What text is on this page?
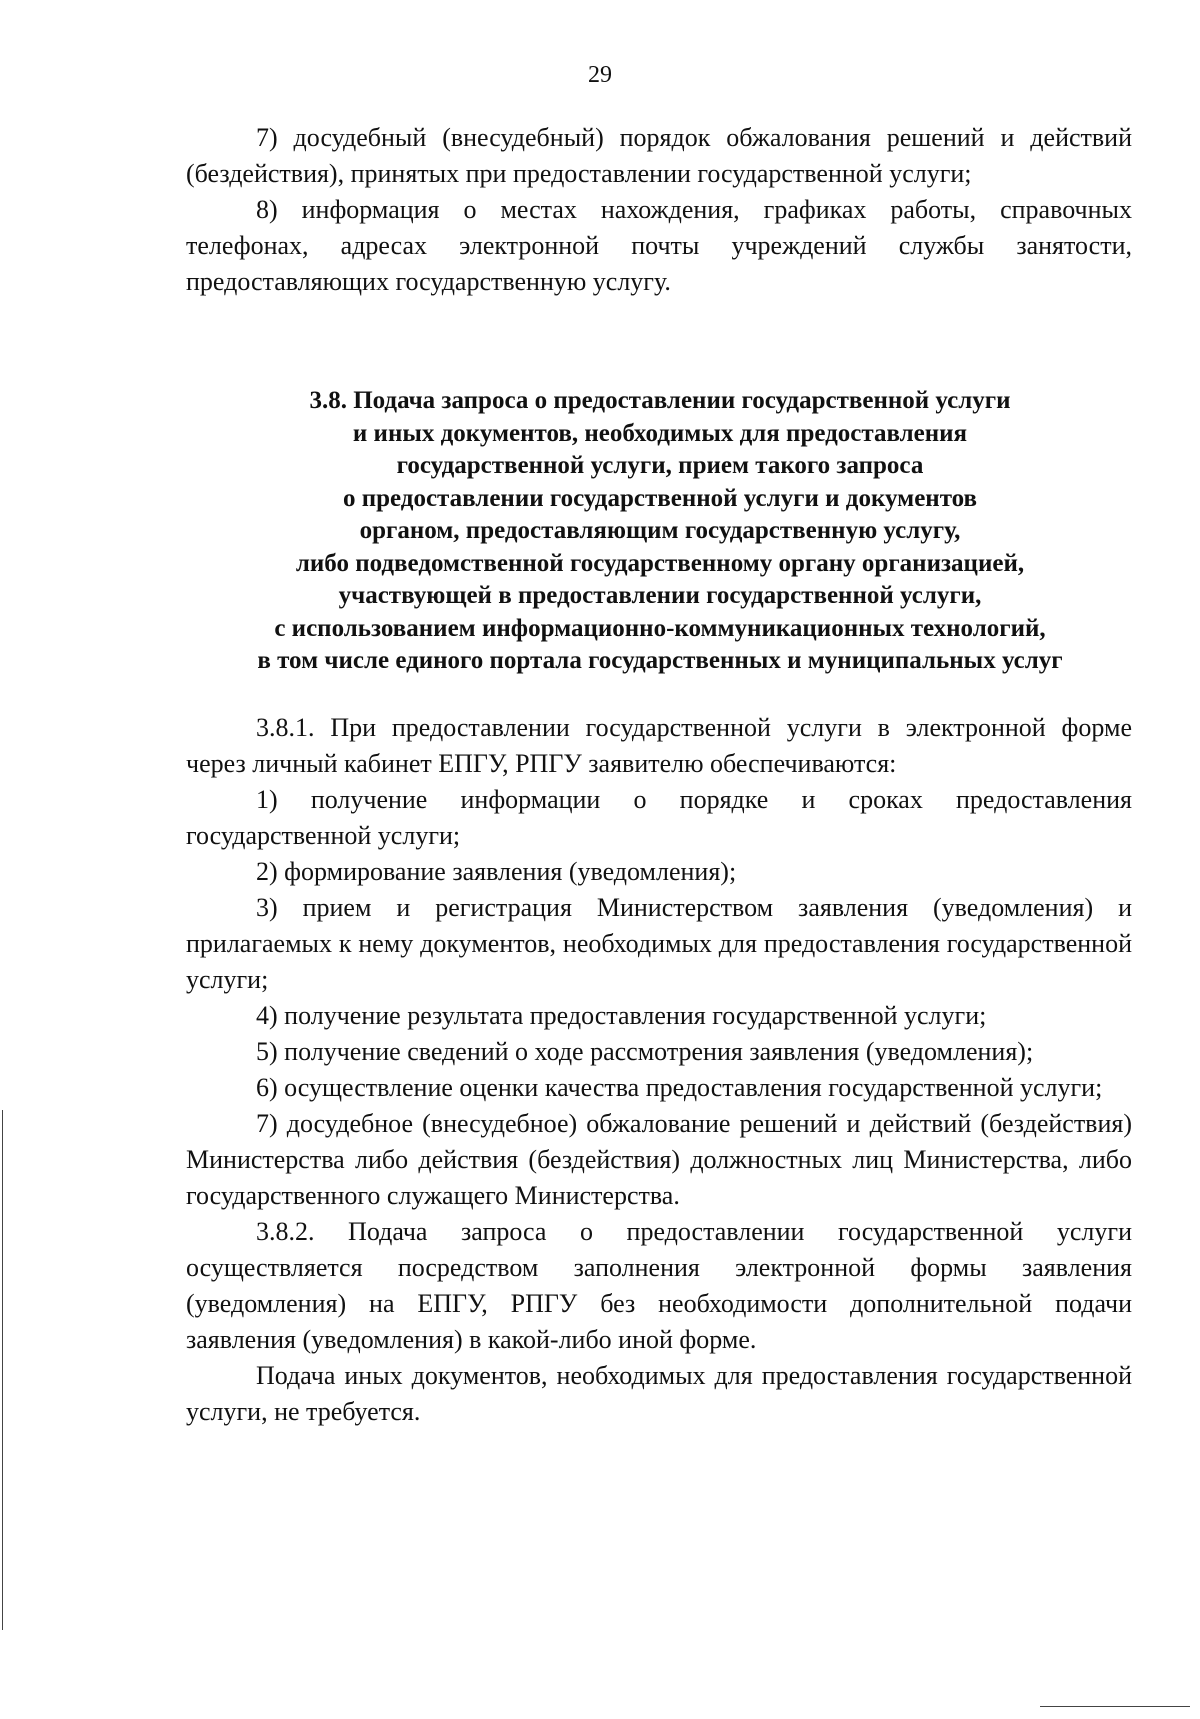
29

7) досудебный (внесудебный) порядок обжалования решений и действий (бездействия), принятых при предоставлении государственной услуги;

8) информация о местах нахождения, графиках работы, справочных телефонах, адресах электронной почты учреждений службы занятости, предоставляющих государственную услугу.

3.8. Подача запроса о предоставлении государственной услуги
и иных документов, необходимых для предоставления
государственной услуги, прием такого запроса
о предоставлении государственной услуги и документов
органом, предоставляющим государственную услугу,
либо подведомственной государственному органу организацией,
участвующей в предоставлении государственной услуги,
с использованием информационно-коммуникационных технологий,
в том числе единого портала государственных и муниципальных услуг

3.8.1. При предоставлении государственной услуги в электронной форме через личный кабинет ЕПГУ, РПГУ заявителю обеспечиваются:

1) получение информации о порядке и сроках предоставления государственной услуги;

2) формирование заявления (уведомления);

3) прием и регистрация Министерством заявления (уведомления) и прилагаемых к нему документов, необходимых для предоставления государственной услуги;

4) получение результата предоставления государственной услуги;

5) получение сведений о ходе рассмотрения заявления (уведомления);

6) осуществление оценки качества предоставления государственной услуги;

7) досудебное (внесудебное) обжалование решений и действий (бездействия) Министерства либо действия (бездействия) должностных лиц Министерства, либо государственного служащего Министерства.

3.8.2. Подача запроса о предоставлении государственной услуги осуществляется посредством заполнения электронной формы заявления (уведомления) на ЕПГУ, РПГУ без необходимости дополнительной подачи заявления (уведомления) в какой-либо иной форме.

Подача иных документов, необходимых для предоставления государственной услуги, не требуется.
